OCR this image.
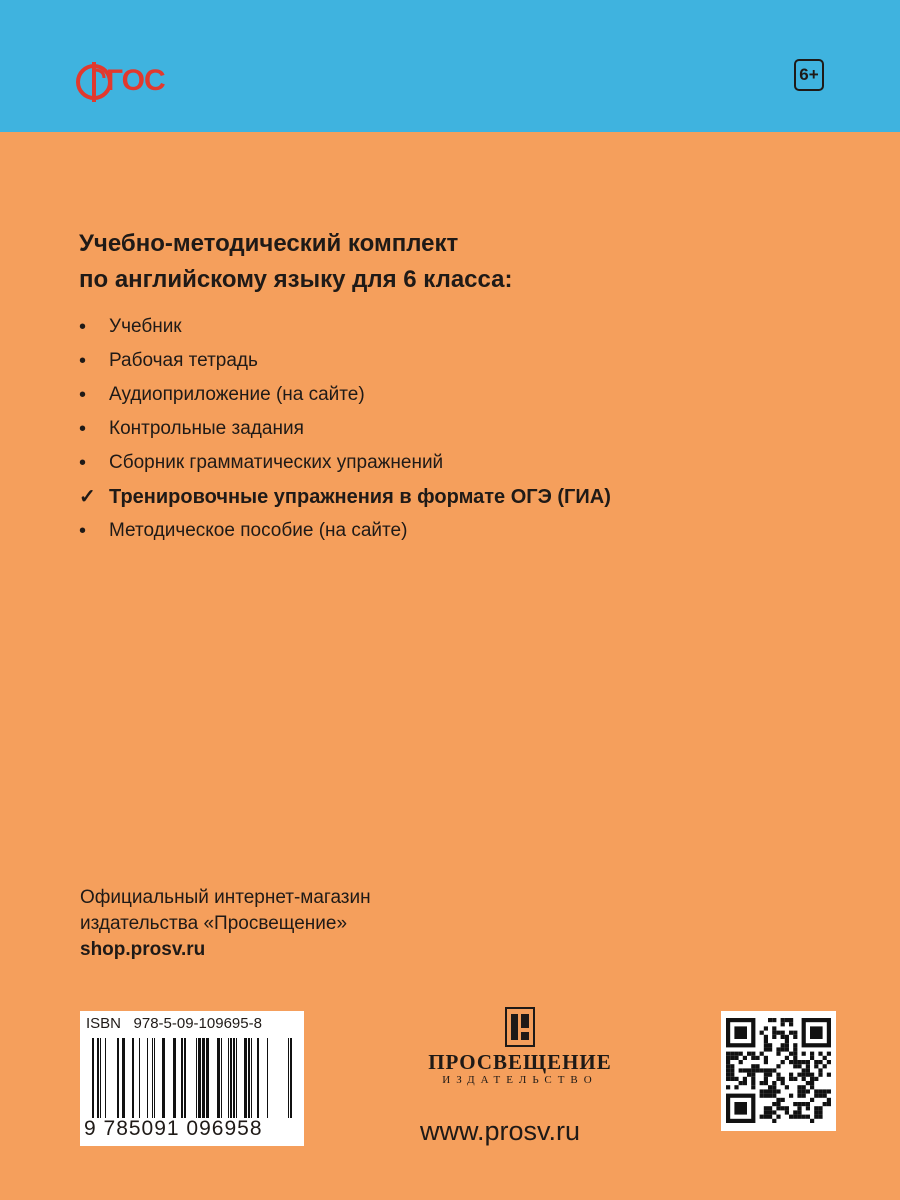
ГОС	6+
Учебно-методический комплект
по английскому языку для 6 класса:
•	Учебник
•	Рабочая тетрадь
•	Аудиоприложение (на сайте)
•	Контрольные задания
•	Сборник грамматических упражнений
✓ Тренировочные упражнения в формате ОГЭ (ГИА)
•	Методическое пособие (на сайте)
Официальный интернет-магазин
издательства «Просвещение»
shop.prosv.ru
ISBN   978-5-09-109695-8
9 785091 096958
ПРОСВЕЩЕНИЕ
ИЗДАТЕЛЬСТВО
www.prosv.ru
